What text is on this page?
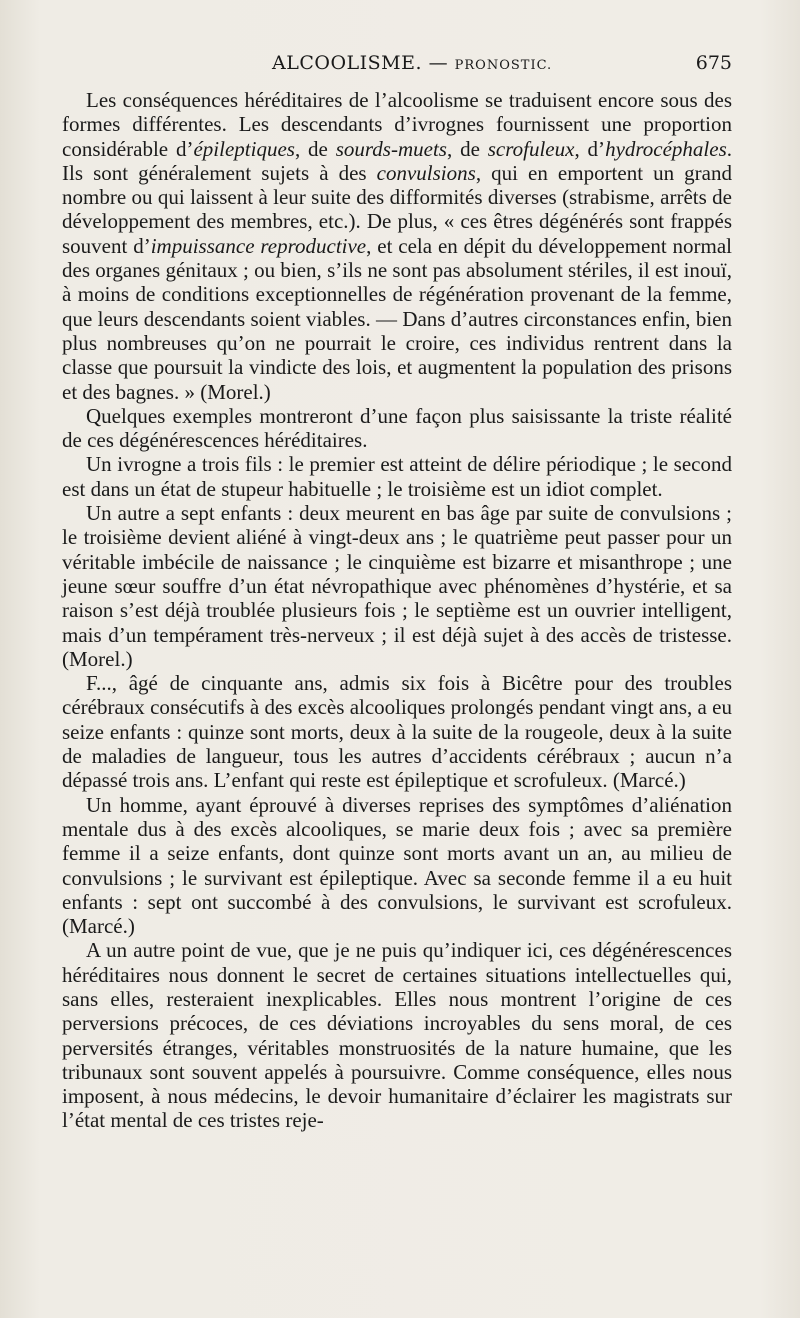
ALCOOLISME. — PRONOSTIC.	675

Les conséquences héréditaires de l’alcoolisme se traduisent encore sous des formes différentes. Les descendants d’ivrognes fournissent une proportion considérable d’épileptiques, de sourds-muets, de scrofuleux, d’hydrocéphales. Ils sont généralement sujets à des convulsions, qui en emportent un grand nombre ou qui laissent à leur suite des difformités diverses (strabisme, arrêts de développement des membres, etc.). De plus, « ces êtres dégénérés sont frappés souvent d’impuissance reproductive, et cela en dépit du développement normal des organes génitaux ; ou bien, s’ils ne sont pas absolument stériles, il est inouï, à moins de conditions exceptionnelles de régénération provenant de la femme, que leurs descendants soient viables. — Dans d’autres circonstances enfin, bien plus nombreuses qu’on ne pourrait le croire, ces individus rentrent dans la classe que poursuit la vindicte des lois, et augmentent la population des prisons et des bagnes. » (Morel.)

Quelques exemples montreront d’une façon plus saisissante la triste réalité de ces dégénérescences héréditaires.

Un ivrogne a trois fils : le premier est atteint de délire périodique ; le second est dans un état de stupeur habituelle ; le troisième est un idiot complet.

Un autre a sept enfants : deux meurent en bas âge par suite de convulsions ; le troisième devient aliéné à vingt-deux ans ; le quatrième peut passer pour un véritable imbécile de naissance ; le cinquième est bizarre et misanthrope ; une jeune sœur souffre d’un état névropathique avec phénomènes d’hystérie, et sa raison s’est déjà troublée plusieurs fois ; le septième est un ouvrier intelligent, mais d’un tempérament très-nerveux ; il est déjà sujet à des accès de tristesse. (Morel.)

F..., âgé de cinquante ans, admis six fois à Bicêtre pour des troubles cérébraux consécutifs à des excès alcooliques prolongés pendant vingt ans, a eu seize enfants : quinze sont morts, deux à la suite de la rougeole, deux à la suite de maladies de langueur, tous les autres d’accidents cérébraux ; aucun n’a dépassé trois ans. L’enfant qui reste est épileptique et scrofuleux. (Marcé.)

Un homme, ayant éprouvé à diverses reprises des symptômes d’aliénation mentale dus à des excès alcooliques, se marie deux fois ; avec sa première femme il a seize enfants, dont quinze sont morts avant un an, au milieu de convulsions ; le survivant est épileptique. Avec sa seconde femme il a eu huit enfants : sept ont succombé à des convulsions, le survivant est scrofuleux. (Marcé.)

A un autre point de vue, que je ne puis qu’indiquer ici, ces dégénérescences héréditaires nous donnent le secret de certaines situations intellectuelles qui, sans elles, resteraient inexplicables. Elles nous montrent l’origine de ces perversions précoces, de ces déviations incroyables du sens moral, de ces perversités étranges, véritables monstruosités de la nature humaine, que les tribunaux sont souvent appelés à poursuivre. Comme conséquence, elles nous imposent, à nous médecins, le devoir humanitaire d’éclairer les magistrats sur l’état mental de ces tristes reje-
